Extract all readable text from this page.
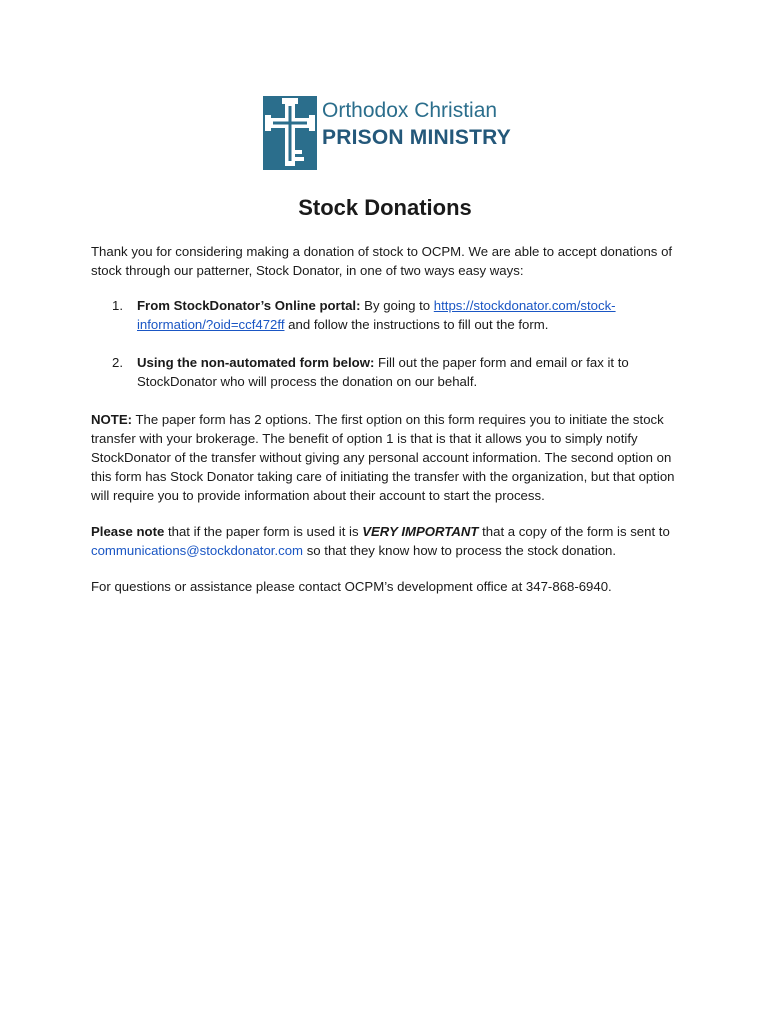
Orthodox Christian
PRISON MINISTRY
Stock Donations

Thank you for considering making a donation of stock to OCPM. We are able to accept donations of stock through our patterner, Stock Donator, in one of two ways easy ways:

1. From StockDonator’s Online portal: By going to https://stockdonator.com/stock-information/?oid=ccf472ff and follow the instructions to fill out the form.
2. Using the non-automated form below: Fill out the paper form and email or fax it to StockDonator who will process the donation on our behalf.

NOTE: The paper form has 2 options. The first option on this form requires you to initiate the stock transfer with your brokerage. The benefit of option 1 is that is that it allows you to simply notify StockDonator of the transfer without giving any personal account information. The second option on this form has Stock Donator taking care of initiating the transfer with the organization, but that option will require you to provide information about their account to start the process.

Please note that if the paper form is used it is VERY IMPORTANT that a copy of the form is sent to communications@stockdonator.com so that they know how to process the stock donation.

For questions or assistance please contact OCPM’s development office at 347-868-6940.
